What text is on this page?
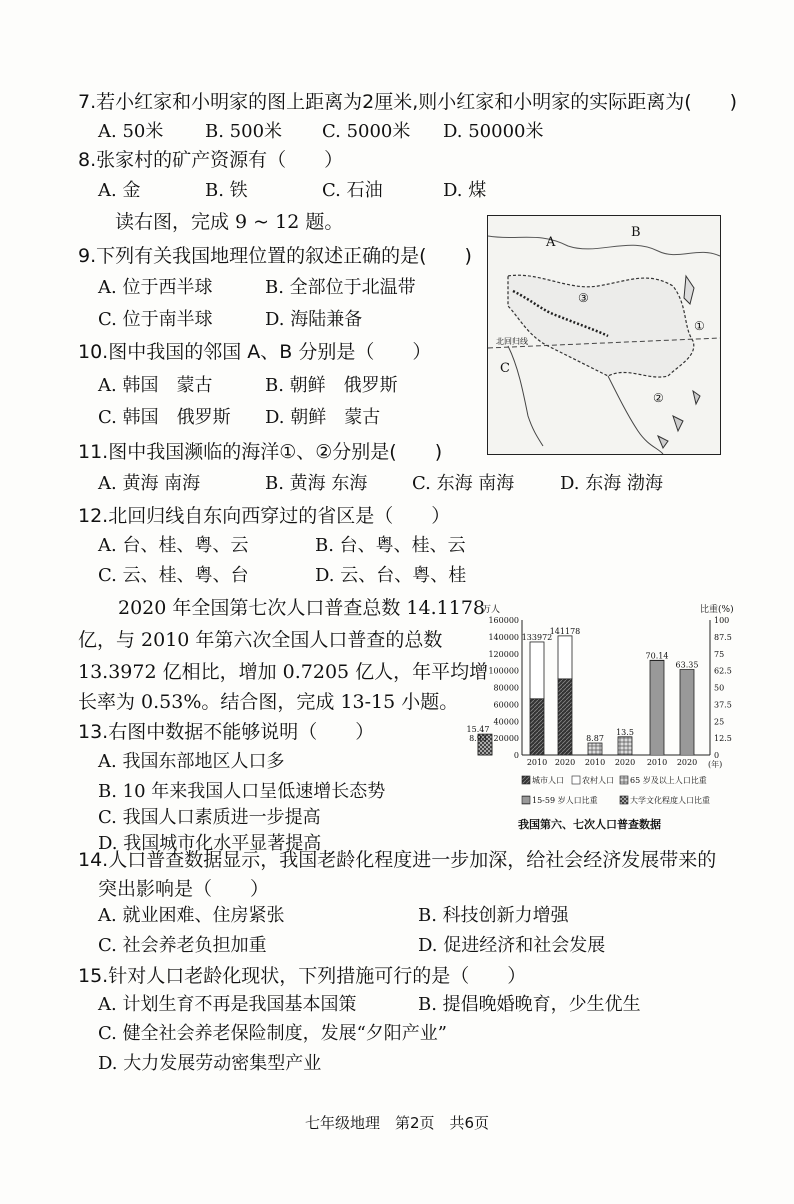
7.若小红家和小明家的图上距离为2厘米,则小红家和小明家的实际距离为(　　)
A. 50米 B. 500米 C. 5000米 D. 50000米
8.张家村的矿产资源有（　　）
A. 金	B. 铁	C. 石油	D. 煤
读右图，完成 9 ~ 12 题。
9.下列有关我国地理位置的叙述正确的是(　　)
A. 位于西半球	B. 全部位于北温带
C. 位于南半球	D. 海陆兼备
10.图中我国的邻国 A、B 分别是（　　）
A. 韩国　蒙古	B. 朝鲜　俄罗斯
C. 韩国　俄罗斯 D. 朝鲜　蒙古
B
A
C
③
①
②
北回归线
11.图中我国濒临的海洋①、②分别是(　　)
A. 黄海 南海	B. 黄海 东海 C. 东海 南海	D. 东海 渤海
12.北回归线自东向西穿过的省区是（　　）
A. 台、桂、粤、云	B. 台、粤、桂、云
C. 云、桂、粤、台	D. 云、台、粤、桂
2020 年全国第七次人口普查总数 14.1178
亿，与 2010 年第六次全国人口普查的总数
13.3972 亿相比，增加 0.7205 亿人，年平均增
长率为 0.53%。结合图，完成 13-15 小题。
13.右图中数据不能够说明（　　）
A. 我国东部地区人口多
B. 10 年来我国人口呈低速增长态势
C. 我国人口素质进一步提高
D. 我国城市化水平显著提高
万人	比重(%)
160000	100
140000	87.5
120000	75
100000	62.5
80000	50
60000	37.5
40000	25
20000	12.5
0	0
133972
2010
141178
2020
8.87
2010
13.5
2020
70.14
2010
63.35
2020
8.93
15.47
(年)
城市人口 农村人口 65 岁及以上人口比重
15-59 岁人口比重	大学文化程度人口比重
我国第六、七次人口普查数据
14.人口普查数据显示，我国老龄化程度进一步加深，给社会经济发展带来的
突出影响是（　　）
A. 就业困难、住房紧张	B. 科技创新力增强
C. 社会养老负担加重	D. 促进经济和社会发展
15.针对人口老龄化现状，下列措施可行的是（　　）
A. 计划生育不再是我国基本国策	B. 提倡晚婚晚育，少生优生
C. 健全社会养老保险制度，发展“夕阳产业”
D. 大力发展劳动密集型产业
七年级地理　第2页　共6页
